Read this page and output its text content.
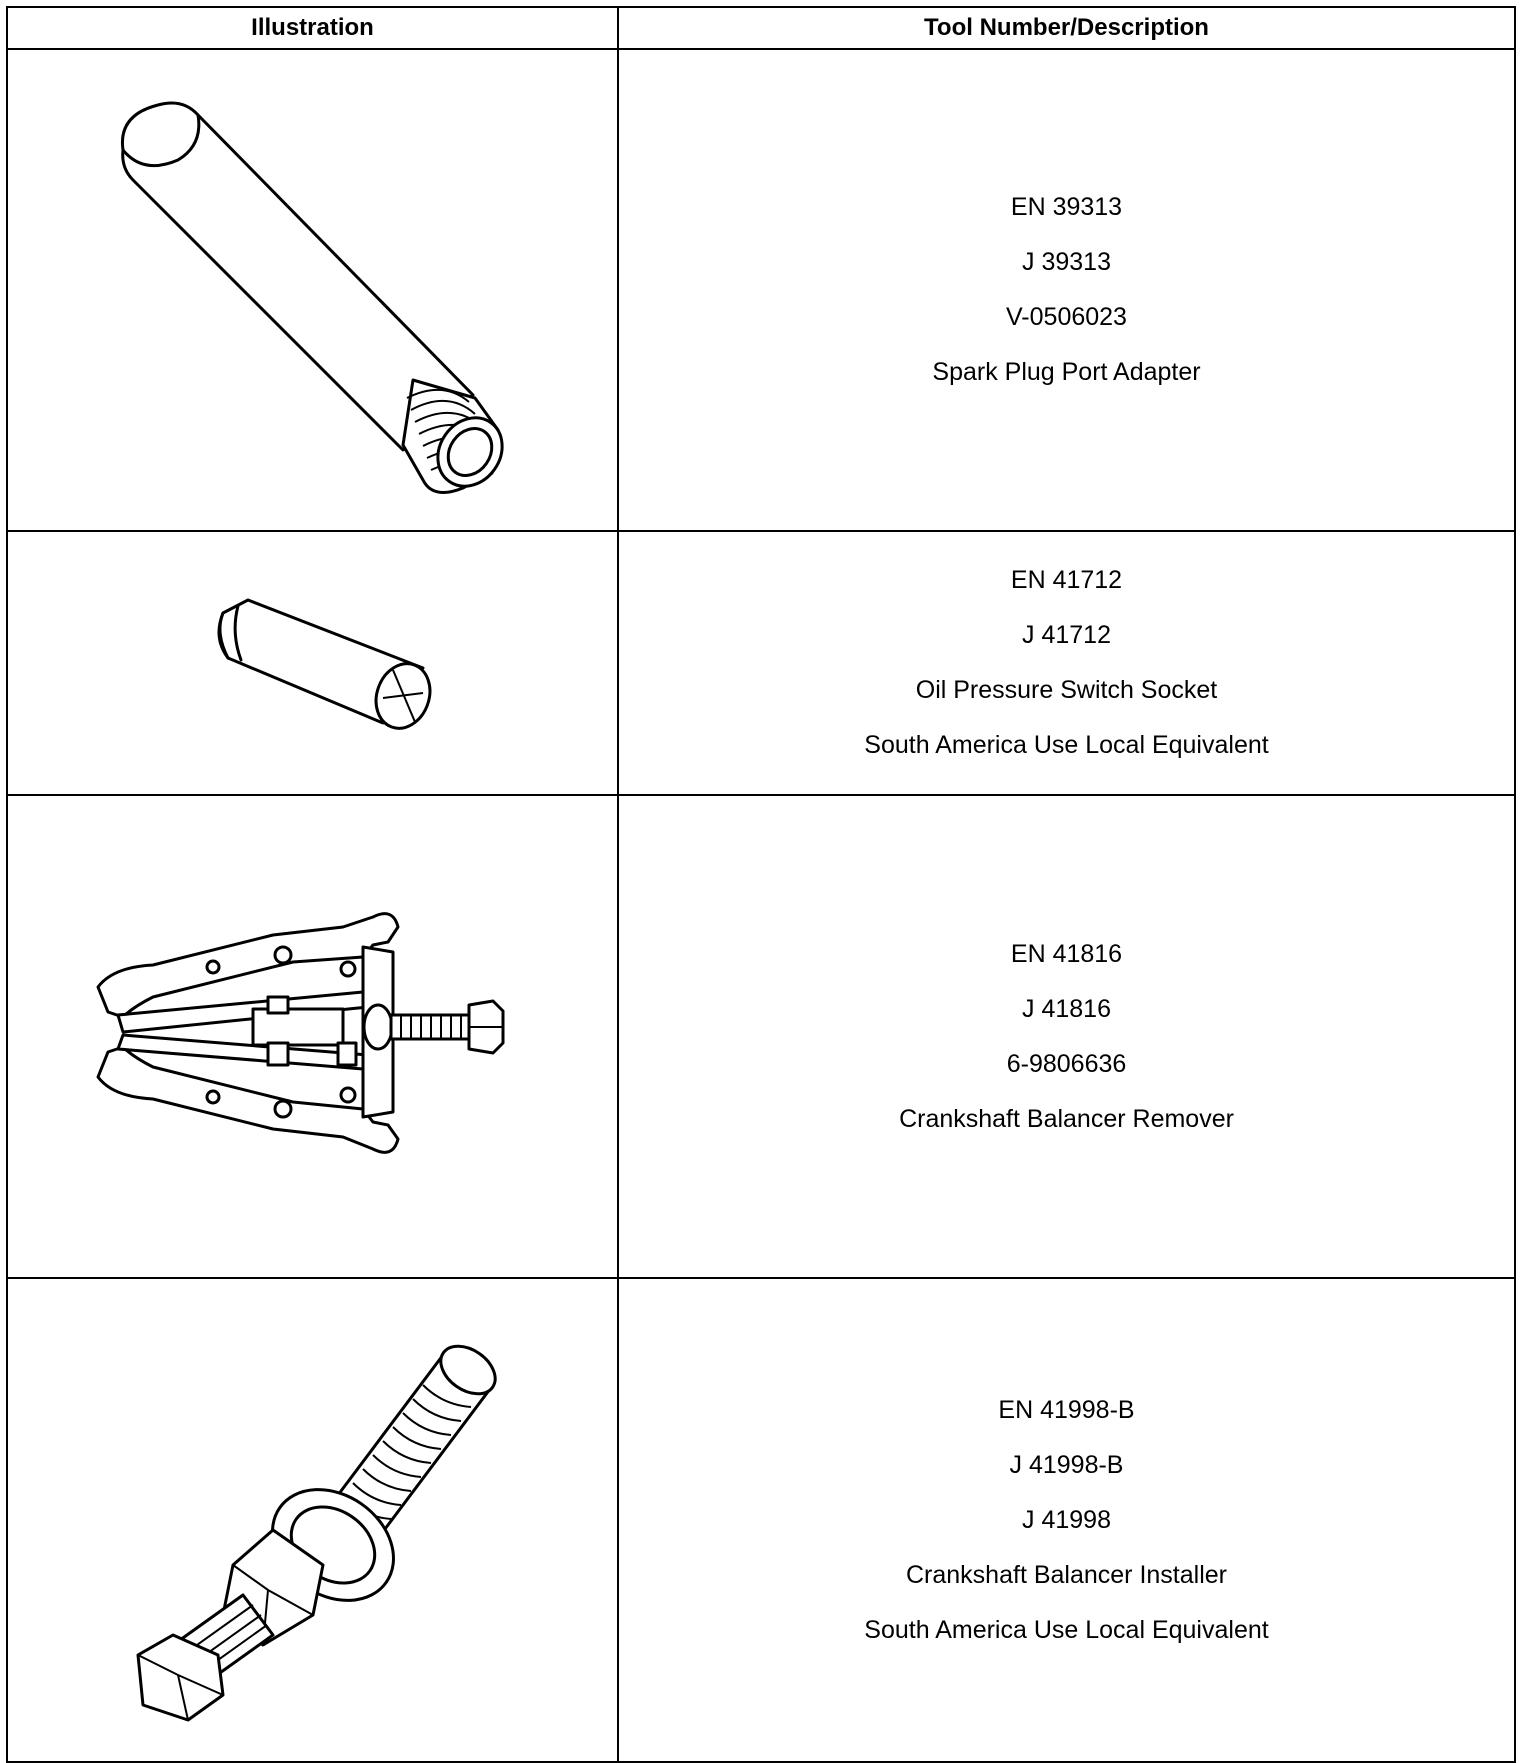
Illustration	Tool Number/Description

EN 39313
J 39313
V-0506023
Spark Plug Port Adapter

EN 41712
J 41712
Oil Pressure Switch Socket
South America Use Local Equivalent

EN 41816
J 41816
6-9806636
Crankshaft Balancer Remover

EN 41998-B
J 41998-B
J 41998
Crankshaft Balancer Installer
South America Use Local Equivalent
